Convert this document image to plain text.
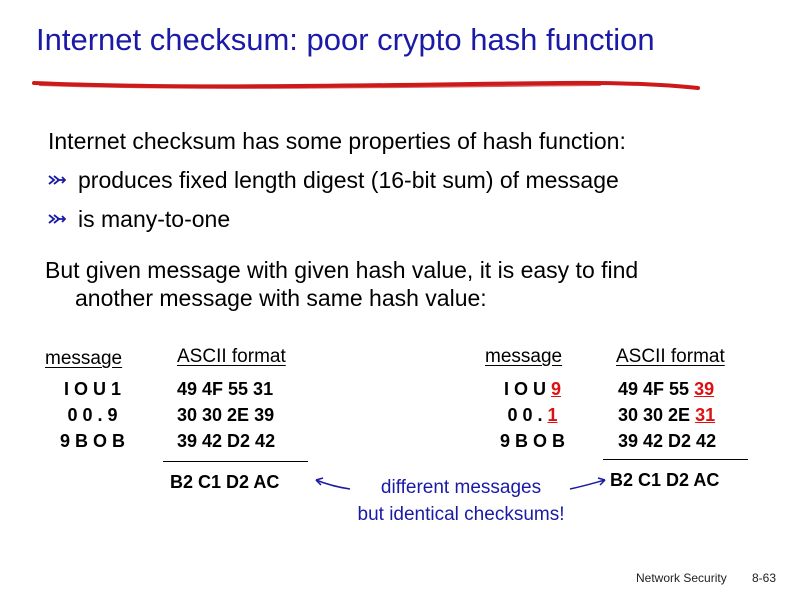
Internet checksum: poor crypto hash function
Internet checksum has some properties of hash function:
produces fixed length digest (16-bit sum) of message
is many-to-one
But given message with given hash value, it is easy to find
another message with same hash value:
message	ASCII format
I O U 1
0 0 . 9
9 B O B
49 4F 55 31
30 30 2E 39
39 42 D2 42
B2 C1 D2 AC
message	ASCII format
I O U 9
0 0 . 1
9 B O B
49 4F 55 39
30 30 2E 31
39 42 D2 42
B2 C1 D2 AC
different messages
but identical checksums!
Network Security 8-63
